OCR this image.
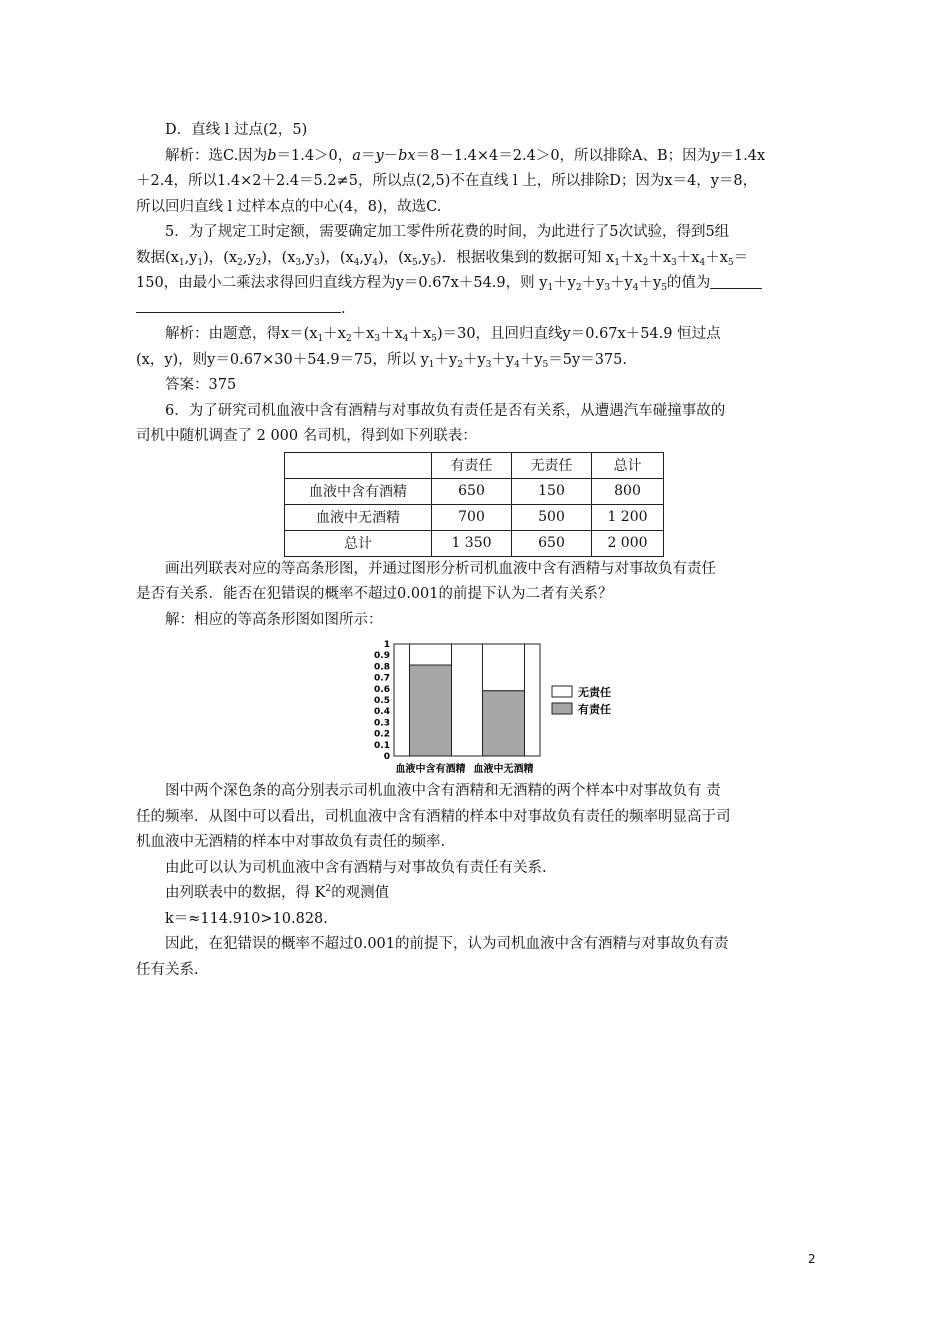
D．直线 l 过点(2，5)

解析：选C.因为b＝1.4＞0，a＝y－bx＝8－1.4×4＝2.4＞0，所以排除A、B；因为y＝1.4x

＋2.4，所以1.4×2＋2.4＝5.2≠5，所以点(2,5)不在直线 l 上，所以排除D；因为x＝4，y＝8，

所以回归直线 l 过样本点的中心(4，8)，故选C.

5．为了规定工时定额，需要确定加工零件所花费的时间，为此进行了5次试验，得到5组

数据$(x_1,y_1)$，$(x_2,y_2)$，$(x_3,y_3)$，$(x_4,y_4)$，$(x_5,y_5)$．根据收集到的数据可知 $x_1+x_2+x_3+x_4+x_5=$

150，由最小二乘法求得回归直线方程为y＝0.67x＋54.9，则 $y_1+y_2+y_3+y_4+y_5$的值为

.

解析：由题意，得$x=(x_1+x_2+x_3+x_4+x_5)=30$，且回归直线y＝0.67x＋54.9 恒过点

(x，y)，则y＝0.67×30＋54.9＝75，所以 $y_1+y_2+y_3+y_4+y_5=5y=375$.

答案：375

6．为了研究司机血液中含有酒精与对事故负有责任是否有关系，从遭遇汽车碰撞事故的

司机中随机调查了 2 000 名司机，得到如下列联表：

	有责任	无责任	总计
血液中含有酒精	650	150	800
血液中无酒精	700	500	1 200
总计	1 350	650	2 000

画出列联表对应的等高条形图，并通过图形分析司机血液中含有酒精与对事故负有责任

是否有关系．能否在犯错误的概率不超过0.001的前提下认为二者有关系？

解：相应的等高条形图如图所示：

0
0.1
0.2
0.3
0.4
0.5
0.6
0.7
0.8
0.9
1
血液中含有酒精 血液中无酒精
无责任
有责任

图中两个深色条的高分别表示司机血液中含有酒精和无酒精的两个样本中对事故负有 责

任的频率．从图中可以看出，司机血液中含有酒精的样本中对事故负有责任的频率明显高于司

机血液中无酒精的样本中对事故负有责任的频率.

由此可以认为司机血液中含有酒精与对事故负有责任有关系.

由列联表中的数据，得 $K^2$的观测值

k＝≈114.910>10.828.

因此，在犯错误的概率不超过0.001的前提下，认为司机血液中含有酒精与对事故负有责

任有关系.

2
